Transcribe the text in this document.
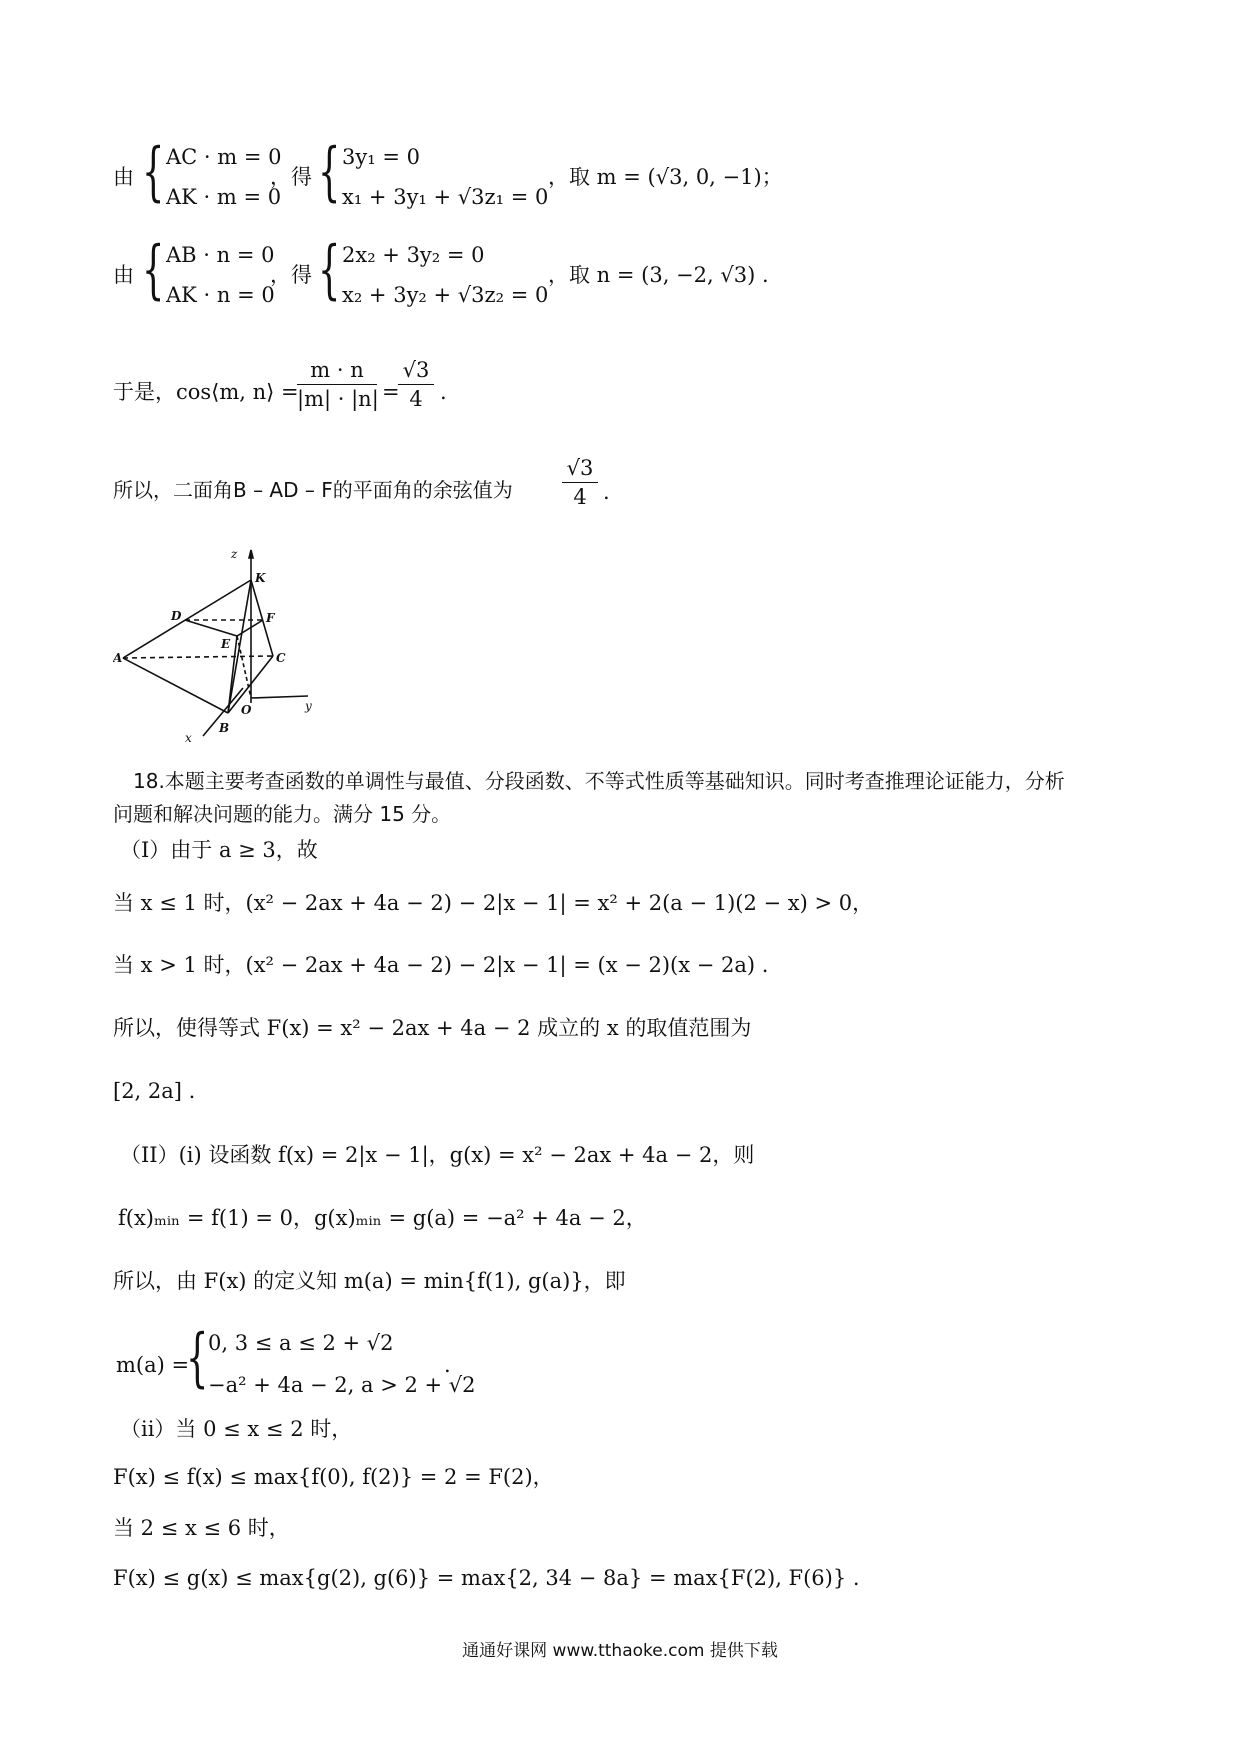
由 { AC · m = 0
AK · m = 0
，得 { 3y₁ = 0
x₁ + 3y₁ + √3z₁ = 0
，取 m = (√3, 0, −1)；
由 { AB · n = 0
AK · n = 0
，得 { 2x₂ + 3y₂ = 0
x₂ + 3y₂ + √3z₂ = 0
，取 n = (3, −2, √3) .
于是，cos⟨m, n⟩ =
$\frac{m \cdot n}{|m| \cdot |n|}$ =
$\frac{√3}{4}$ .
所以，二面角B – AD – F的平面角的余弦值为 $\frac{√3}{4}$ .
z
K
D	F
E
A	C
O	y
x
B
18.本题主要考查函数的单调性与最值、分段函数、不等式性质等基础知识。同时考查推理论证能力，分析
问题和解决问题的能力。满分 15 分。
（I）由于 a ≥ 3，故
当 x ≤ 1 时，(x² − 2ax + 4a − 2) − 2|x − 1| = x² + 2(a − 1)(2 − x) > 0，
当 x > 1 时，(x² − 2ax + 4a − 2) − 2|x − 1| = (x − 2)(x − 2a) .
所以，使得等式 F(x) = x² − 2ax + 4a − 2 成立的 x 的取值范围为
[2, 2a] .
（II）(i) 设函数 f(x) = 2|x − 1|，g(x) = x² − 2ax + 4a − 2，则
f(x)ₘᵢₙ = f(1) = 0，g(x)ₘᵢₙ = g(a) = −a² + 4a − 2，
所以，由 F(x) 的定义知 m(a) = min{f(1), g(a)}，即
m(a) =
{ 0, 3 ≤ a ≤ 2 + √2
−a² + 4a − 2, a > 2 + √2
.
（ii）当 0 ≤ x ≤ 2 时，
F(x) ≤ f(x) ≤ max{f(0), f(2)} = 2 = F(2)，
当 2 ≤ x ≤ 6 时，
F(x) ≤ g(x) ≤ max{g(2), g(6)} = max{2, 34 − 8a} = max{F(2), F(6)} .
通通好课网 www.tthaoke.com 提供下载
